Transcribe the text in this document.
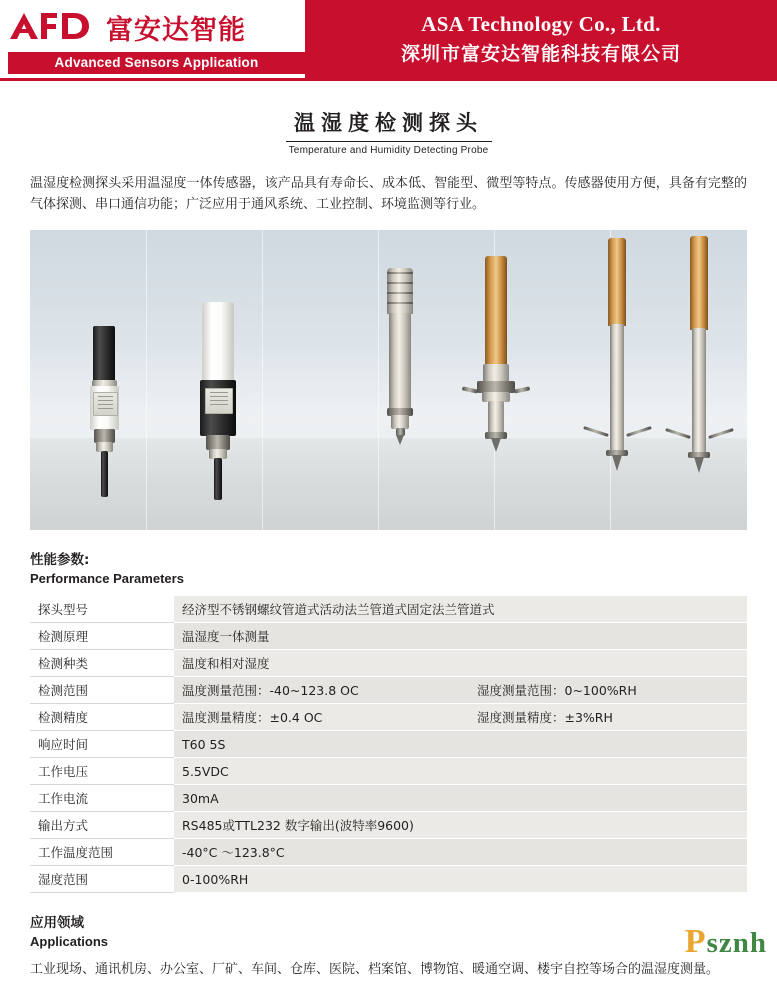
富安达智能
Advanced Sensors Application
ASA Technology Co., Ltd.
深圳市富安达智能科技有限公司
温湿度检测探头
Temperature and Humidity Detecting Probe
温湿度检测探头采用温湿度一体传感器，该产品具有寿命长、成本低、智能型、微型等特点。传感器使用方便，具备有完整的气体探测、串口通信功能；广泛应用于通风系统、工业控制、环境监测等行业。
性能参数:
Performance Parameters
探头型号	经济型不锈钢螺纹管道式活动法兰管道式固定法兰管道式
检测原理	温湿度一体测量
检测种类	温度和相对湿度
检测范围	温度测量范围：-40~123.8 OC 湿度测量范围：0~100%RH

检测精度	温度测量精度：±0.4 OC 湿度测量精度：±3%RH

响应时间	T60 5S
工作电压	5.5VDC
工作电流	30mA
输出方式	RS485或TTL232 数字输出(波特率9600)
工作温度范围	-40°C ～123.8°C
湿度范围	0-100%RH
应用领域
Applications
工业现场、通讯机房、办公室、厂矿、车间、仓库、医院、档案馆、博物馆、暖通空调、楼宇自控等场合的温湿度测量。
Psznh
